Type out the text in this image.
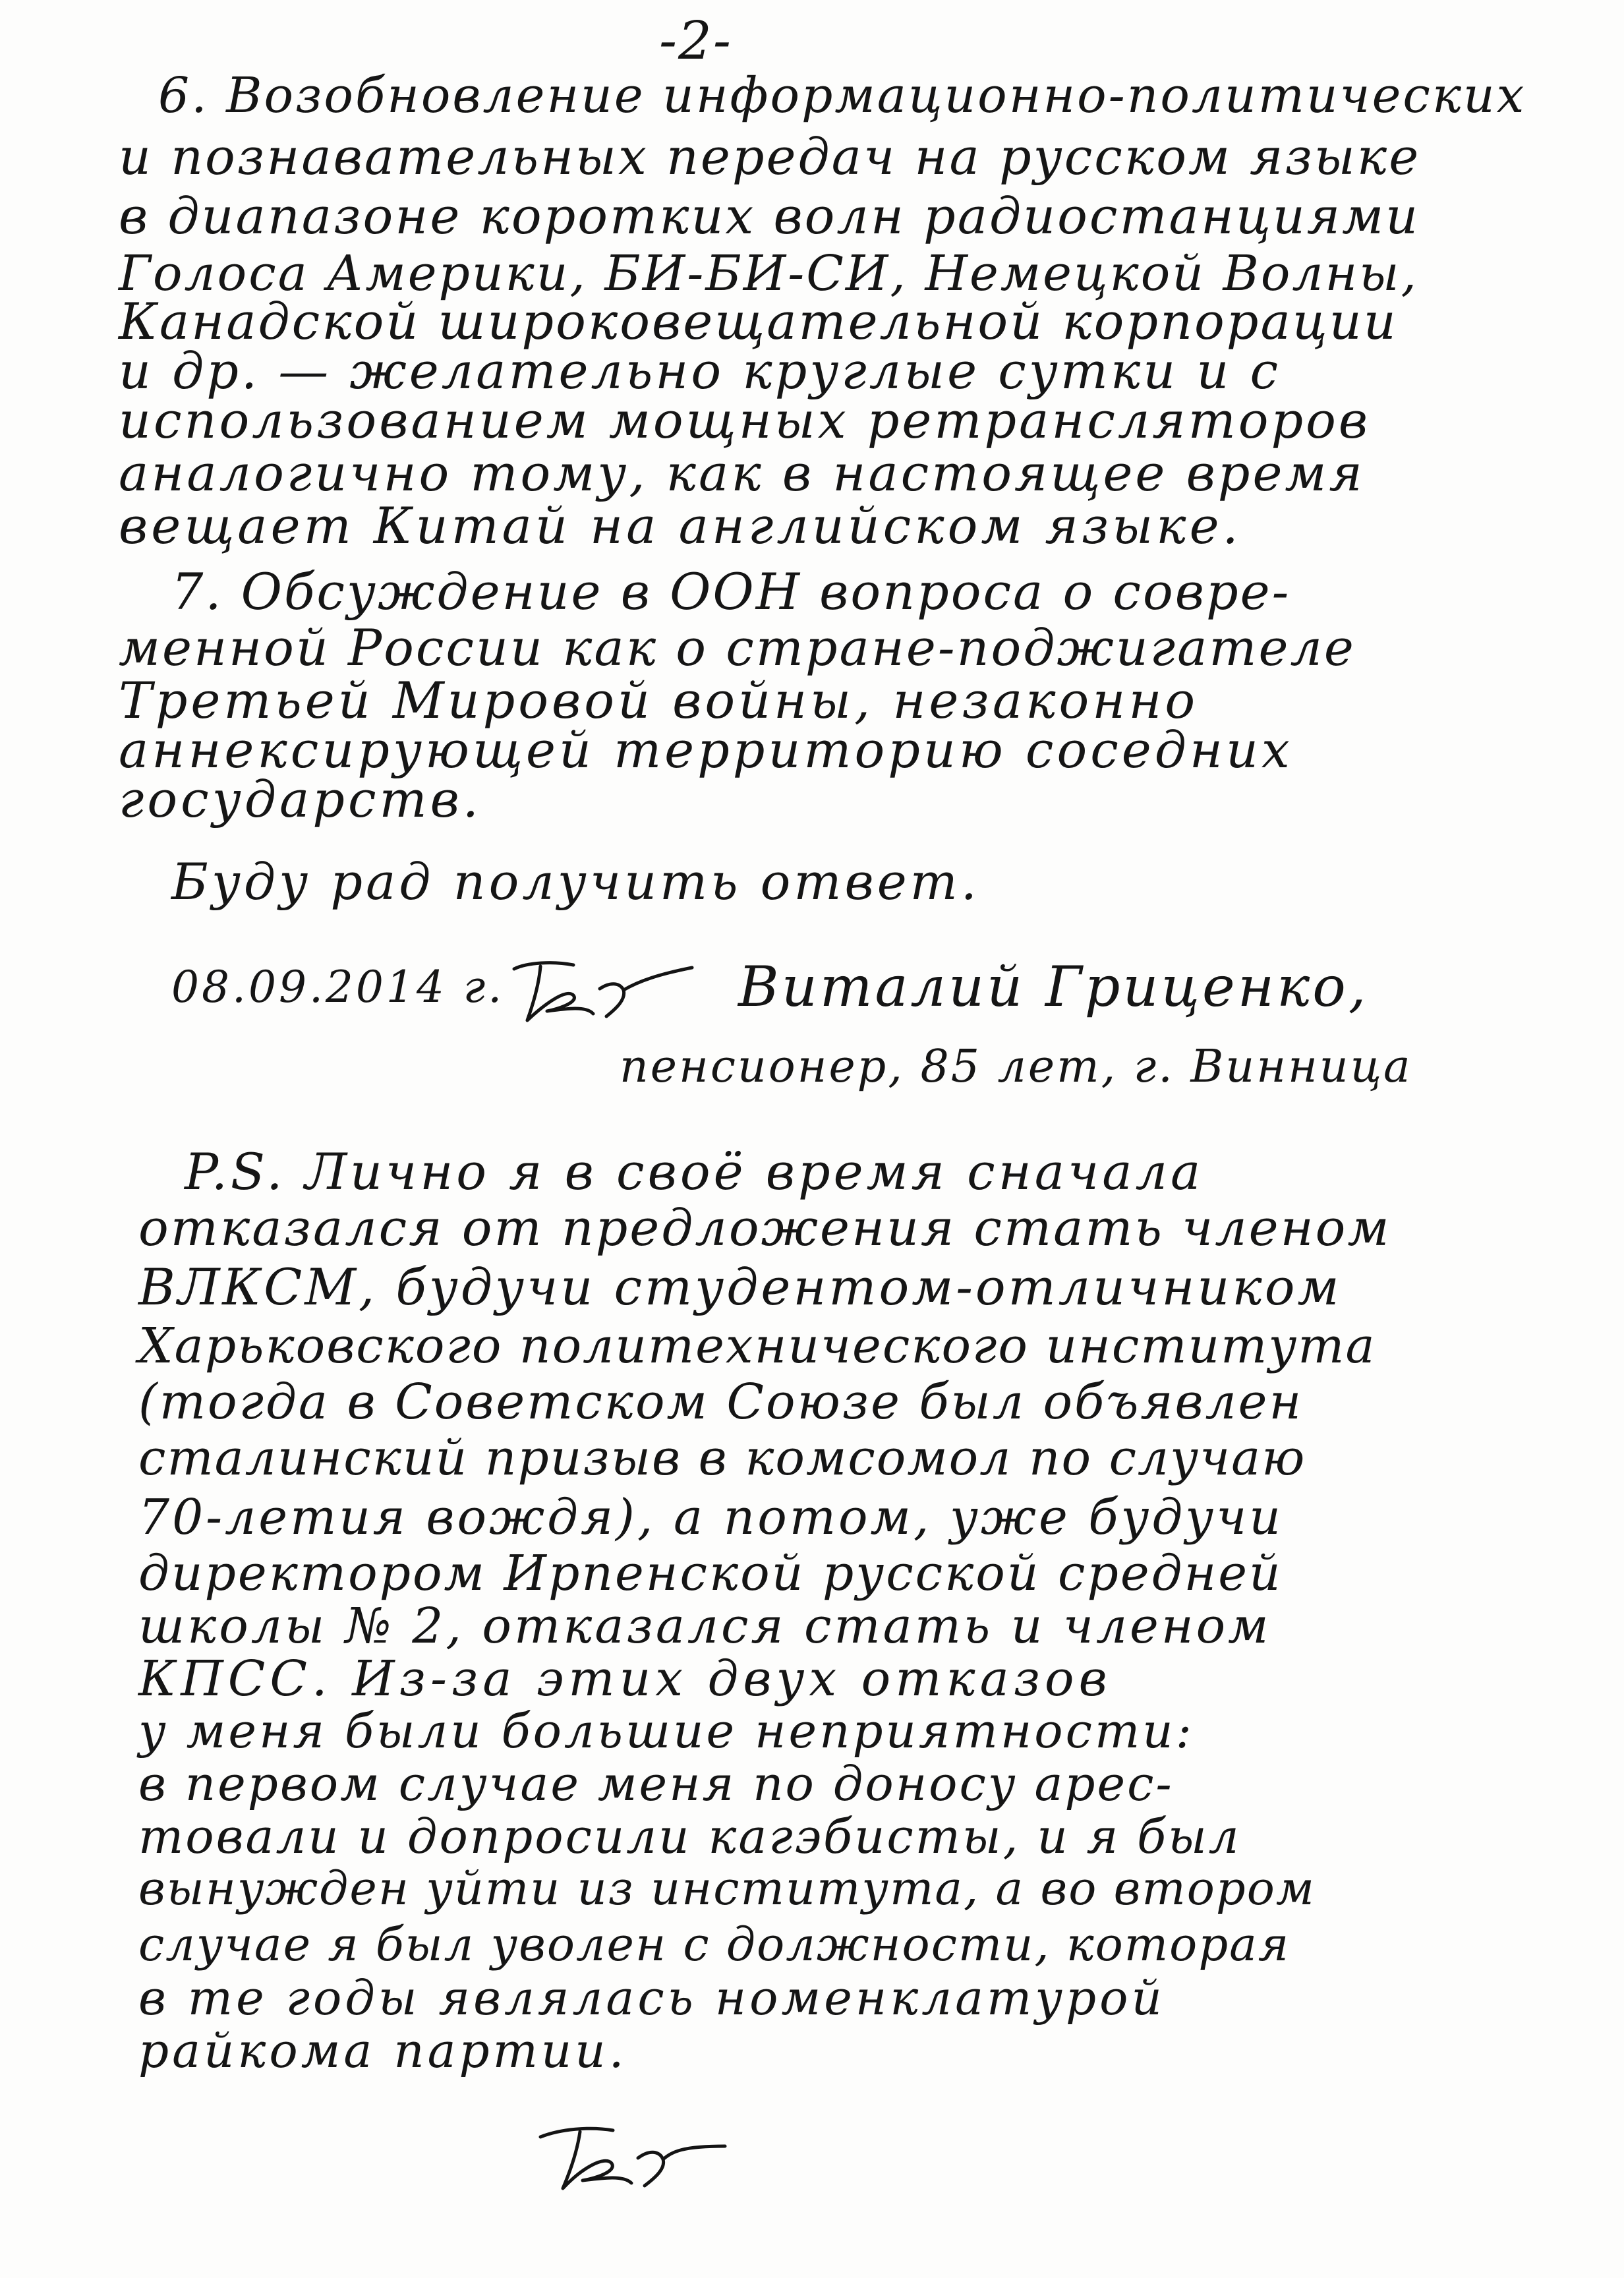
-2-
6. Возобновление информационно-политических
и познавательных передач на русском языке
в диапазоне коротких волн радиостанциями
Голоса Америки, БИ-БИ-СИ, Немецкой Волны,
Канадской широковещательной корпорации
и др. — желательно круглые сутки и с
использованием мощных ретрансляторов
аналогично тому, как в настоящее время
вещает Китай на английском языке.
7. Обсуждение в ООН вопроса о совре-
менной России как о стране-поджигателе
Третьей Мировой войны, незаконно
аннексирующей территорию соседних
государств.
Буду рад получить ответ.
08.09.2014 г.	Виталий Гриценко,
пенсионер, 85 лет, г. Винница
P.S. Лично я в своё время сначала
отказался от предложения стать членом
ВЛКСМ, будучи студентом-отличником
Харьковского политехнического института
(тогда в Советском Союзе был объявлен
сталинский призыв в комсомол по случаю
70-летия вождя), а потом, уже будучи
директором Ирпенской русской средней
школы № 2, отказался стать и членом
КПСС. Из-за этих двух отказов
у меня были большие неприятности:
в первом случае меня по доносу арес-
товали и допросили кагэбисты, и я был
вынужден уйти из института, а во втором
случае я был уволен с должности, которая
в те годы являлась номенклатурой
райкома партии.
